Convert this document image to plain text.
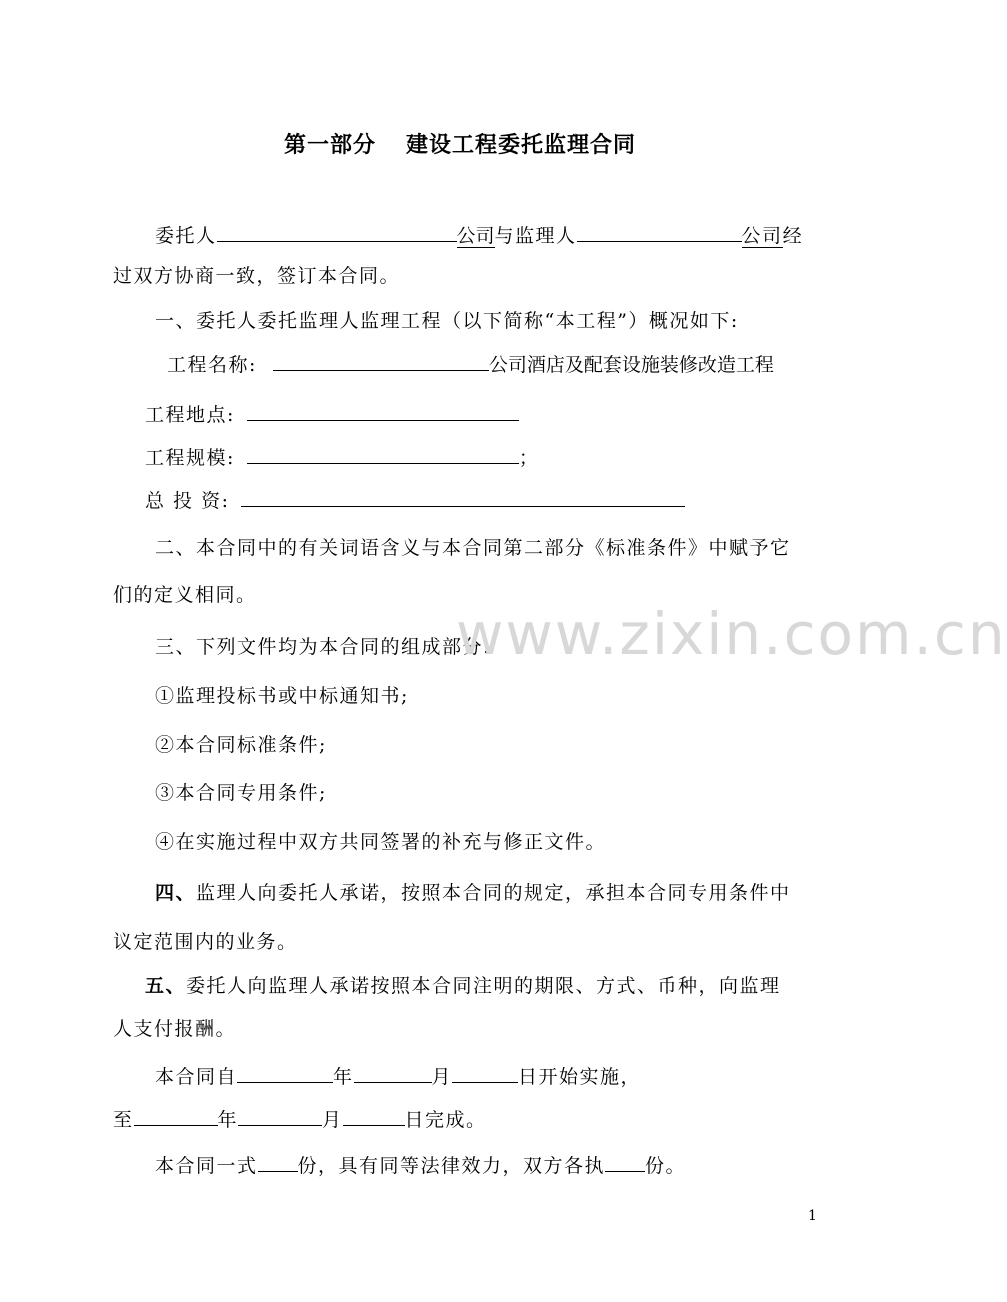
第一部分 建设工程委托监理合同
委托人	公司与监理人	公司经
过双方协商一致，签订本合同。
一、委托人委托监理人监理工程（以下简称“本工程”）概况如下:
工程名称:	公司酒店及配套设施装修改造工程
工程地点:
工程规模:	；
总 投 资:
二、本合同中的有关词语含义与本合同第二部分《标准条件》中赋予它
们的定义相同。
三、下列文件均为本合同的组成部分:
①监理投标书或中标通知书;
②本合同标准条件;
③本合同专用条件;
④在实施过程中双方共同签署的补充与修正文件。
四、监理人向委托人承诺，按照本合同的规定，承担本合同专用条件中
议定范围内的业务。
五、委托人向监理人承诺按照本合同注明的期限、方式、币种，向监理
人支付报酬。
本合同自	年	月	日开始实施，
至	年	月	日完成。
本合同一式 份，具有同等法律效力，双方各执 份。
www.zixin.com.cn
1
